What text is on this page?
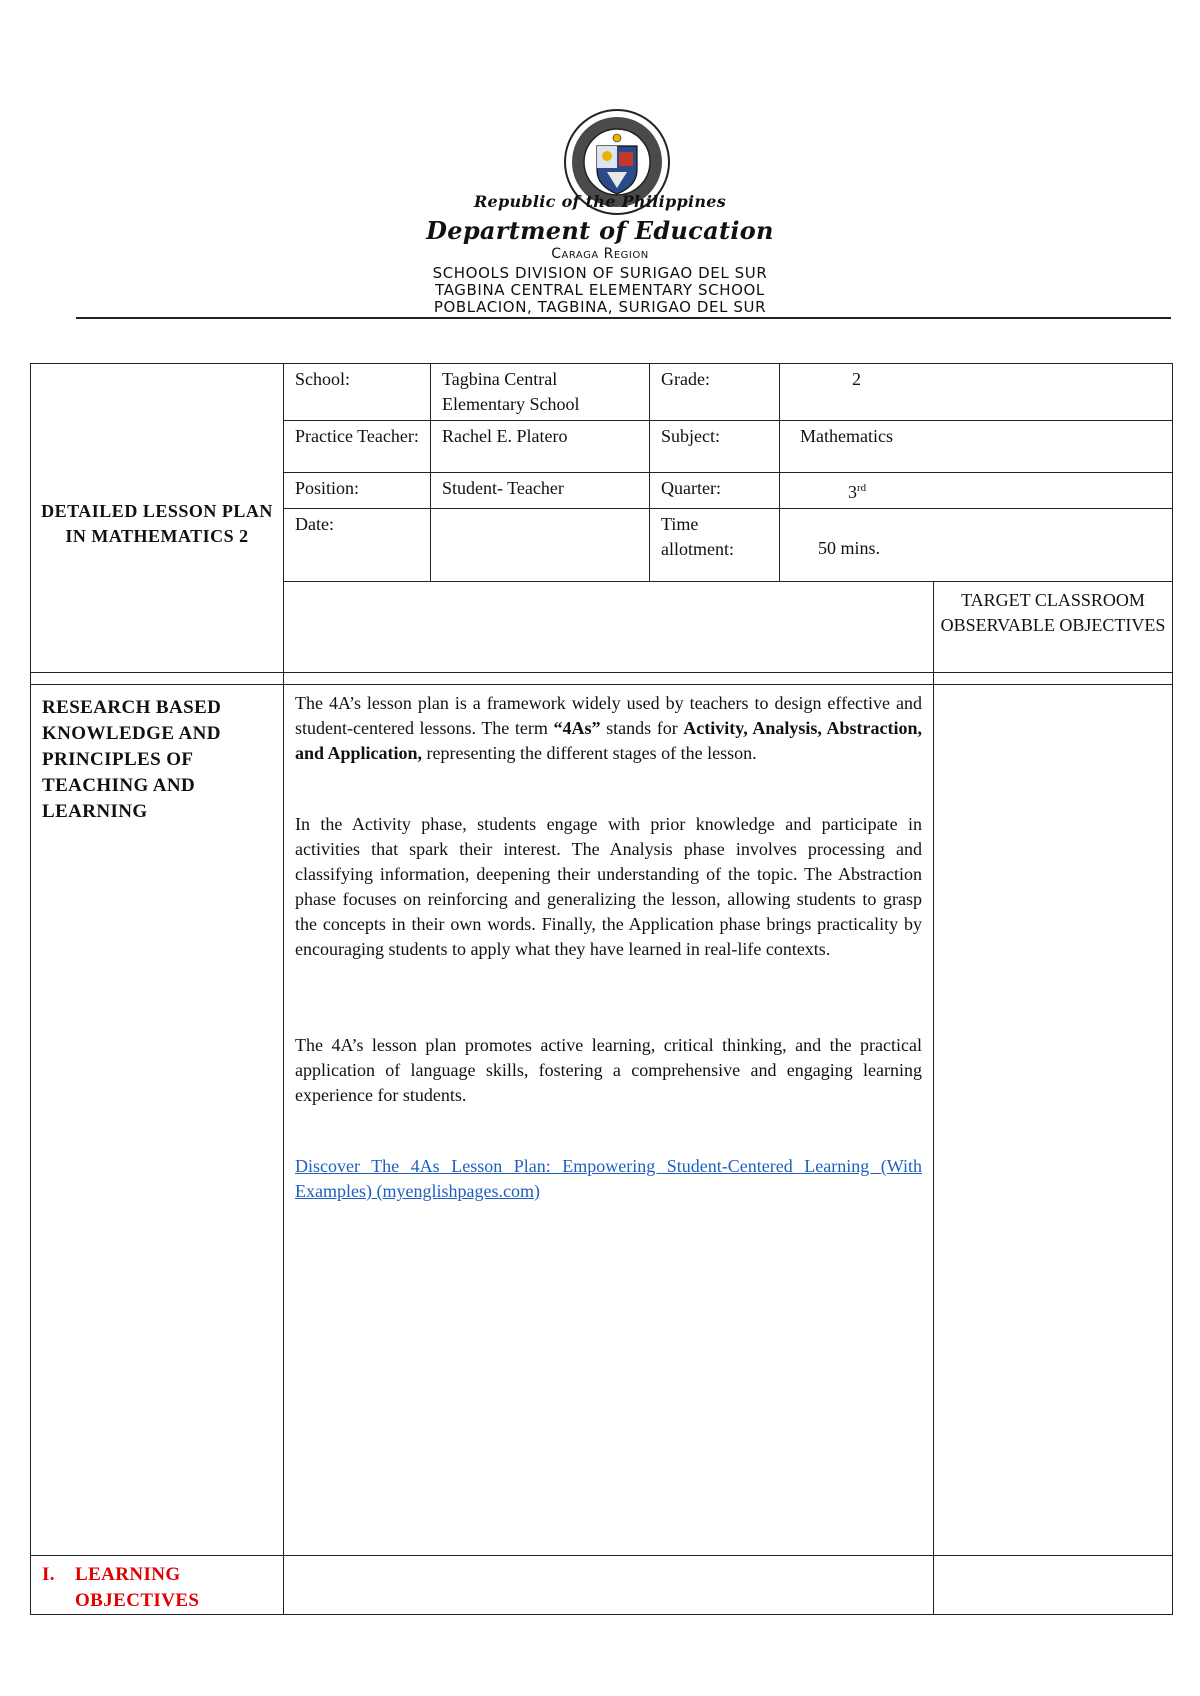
Republic of the Philippines
Department of Education
Caraga Region
SCHOOLS DIVISION OF SURIGAO DEL SUR
TAGBINA CENTRAL ELEMENTARY SCHOOL
POBLACION, TAGBINA, SURIGAO DEL SUR
DETAILED LESSON PLAN IN MATHEMATICS 2	School:	Tagbina Central Elementary School	Grade:	2	
	Practice Teacher:	Rachel E. Platero	Subject:	Mathematics	
	Position:	Student- Teacher	Quarter:	3rd
	Date:		Time allotment:	50 mins.	
					TARGET CLASSROOM OBSERVABLE OBJECTIVES
RESEARCH BASED KNOWLEDGE AND PRINCIPLES OF TEACHING AND LEARNING	The 4A’s lesson plan is a framework widely used by teachers to design effective and student-centered lessons. The term “4As” stands for Activity, Analysis, Abstraction, and Application, representing the different stages of the lesson.

In the Activity phase, students engage with prior knowledge and participate in activities that spark their interest. The Analysis phase involves processing and classifying information, deepening their understanding of the topic. The Abstraction phase focuses on reinforcing and generalizing the lesson, allowing students to grasp the concepts in their own words. Finally, the Application phase brings practicality by encouraging students to apply what they have learned in real-life contexts.

The 4A’s lesson plan promotes active learning, critical thinking, and the practical application of language skills, fostering a comprehensive and engaging learning experience for students.

Discover The 4As Lesson Plan: Empowering Student-Centered Learning (With Examples) (myenglishpages.com)	

I. LEARNING
OBJECTIVES		
